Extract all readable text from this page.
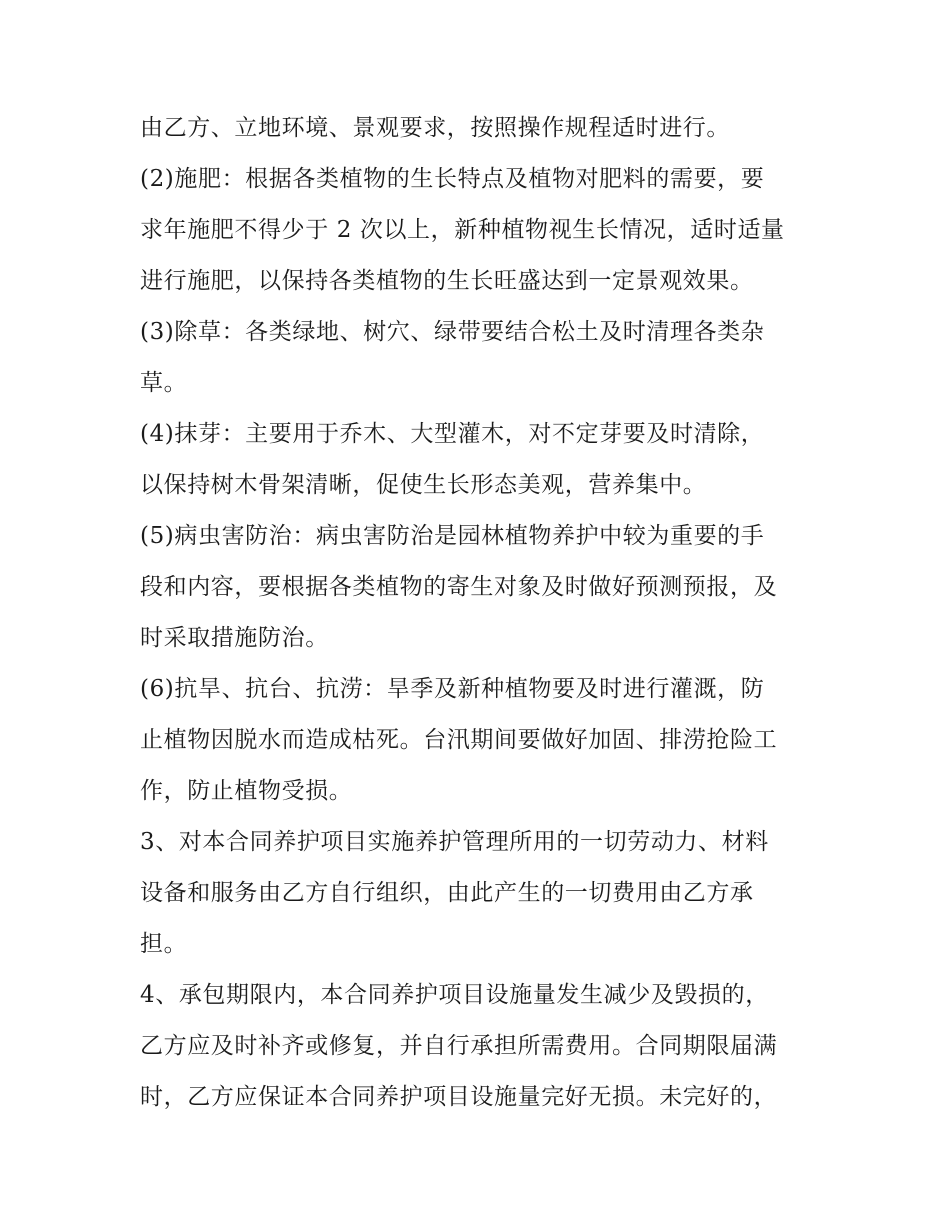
由乙方、立地环境、景观要求，按照操作规程适时进行。
(2)施肥：根据各类植物的生长特点及植物对肥料的需要，要
求年施肥不得少于 2 次以上，新种植物视生长情况，适时适量
进行施肥，以保持各类植物的生长旺盛达到一定景观效果。
(3)除草：各类绿地、树穴、绿带要结合松土及时清理各类杂
草。
(4)抹芽：主要用于乔木、大型灌木，对不定芽要及时清除，
以保持树木骨架清晰，促使生长形态美观，营养集中。
(5)病虫害防治：病虫害防治是园林植物养护中较为重要的手
段和内容，要根据各类植物的寄生对象及时做好预测预报，及
时采取措施防治。
(6)抗旱、抗台、抗涝：旱季及新种植物要及时进行灌溉，防
止植物因脱水而造成枯死。台汛期间要做好加固、排涝抢险工
作，防止植物受损。
3、对本合同养护项目实施养护管理所用的一切劳动力、材料
设备和服务由乙方自行组织，由此产生的一切费用由乙方承
担。
4、承包期限内，本合同养护项目设施量发生减少及毁损的，
乙方应及时补齐或修复，并自行承担所需费用。合同期限届满
时，乙方应保证本合同养护项目设施量完好无损。未完好的，
